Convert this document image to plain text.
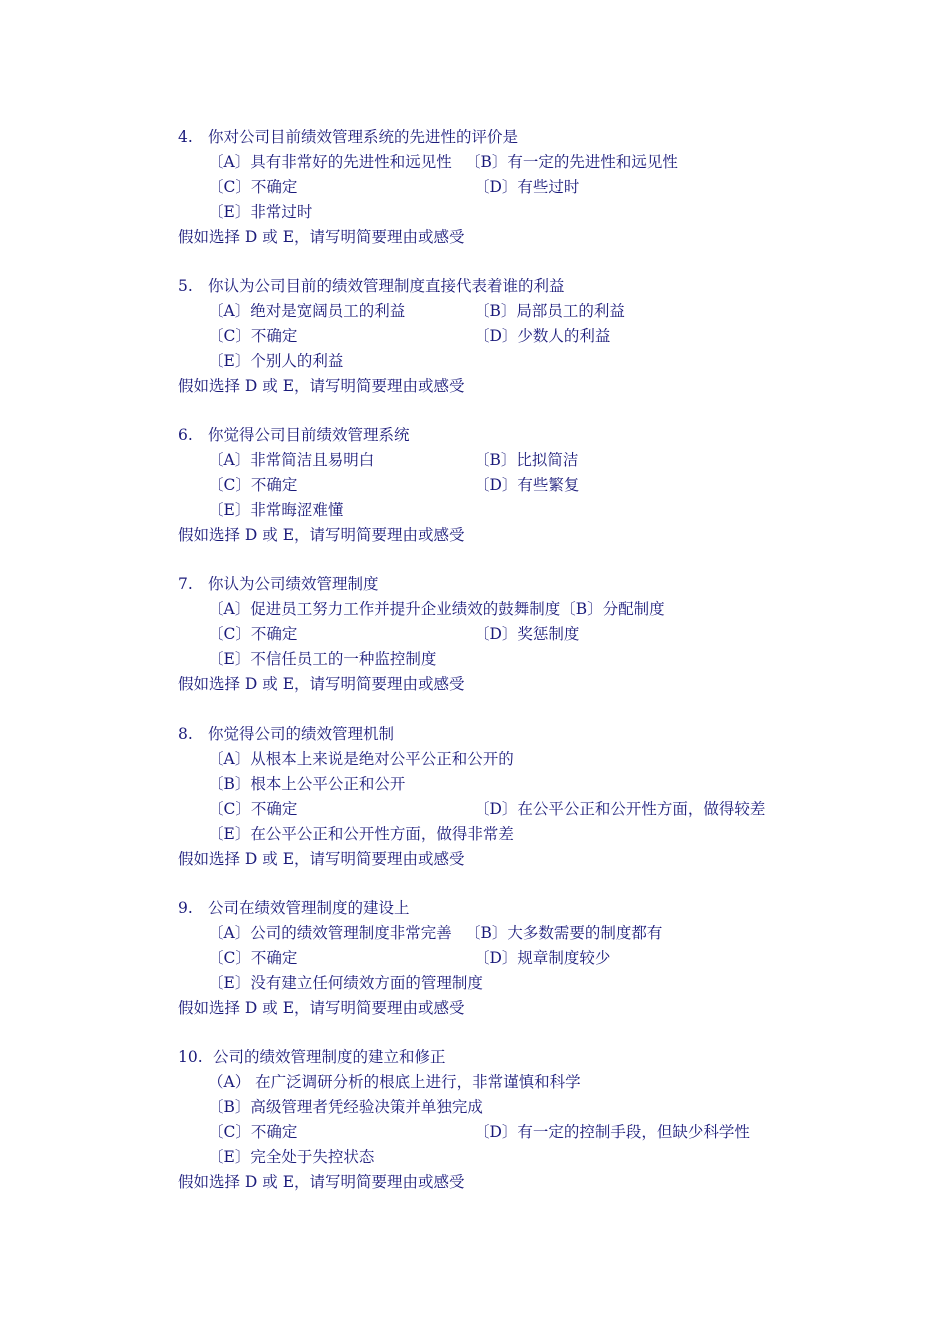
4. 你对公司目前绩效管理系统的先进性的评价是
〔A〕具有非常好的先进性和远见性 〔B〕有一定的先进性和远见性
〔C〕不确定	〔D〕有些过时
〔E〕非常过时
假如选择 D 或 E，请写明简要理由或感受
5. 你认为公司目前的绩效管理制度直接代表着谁的利益
〔A〕绝对是宽阔员工的利益	〔B〕局部员工的利益
〔C〕不确定	〔D〕少数人的利益
〔E〕个别人的利益
假如选择 D 或 E，请写明简要理由或感受
6. 你觉得公司目前绩效管理系统
〔A〕非常简洁且易明白	〔B〕比拟简洁
〔C〕不确定	〔D〕有些繁复
〔E〕非常晦涩难懂
假如选择 D 或 E，请写明简要理由或感受
7. 你认为公司绩效管理制度
〔A〕促进员工努力工作并提升企业绩效的鼓舞制度〔B〕分配制度
〔C〕不确定	〔D〕奖惩制度
〔E〕不信任员工的一种监控制度
假如选择 D 或 E，请写明简要理由或感受
8. 你觉得公司的绩效管理机制
〔A〕从根本上来说是绝对公平公正和公开的
〔B〕根本上公平公正和公开
〔C〕不确定	〔D〕在公平公正和公开性方面，做得较差
〔E〕在公平公正和公开性方面，做得非常差
假如选择 D 或 E，请写明简要理由或感受
9. 公司在绩效管理制度的建设上
〔A〕公司的绩效管理制度非常完善 〔B〕大多数需要的制度都有
〔C〕不确定	〔D〕规章制度较少
〔E〕没有建立任何绩效方面的管理制度
假如选择 D 或 E，请写明简要理由或感受
10. 公司的绩效管理制度的建立和修正
（A） 在广泛调研分析的根底上进行，非常谨慎和科学
〔B〕高级管理者凭经验决策并单独完成
〔C〕不确定	〔D〕有一定的控制手段，但缺少科学性
〔E〕完全处于失控状态
假如选择 D 或 E，请写明简要理由或感受
